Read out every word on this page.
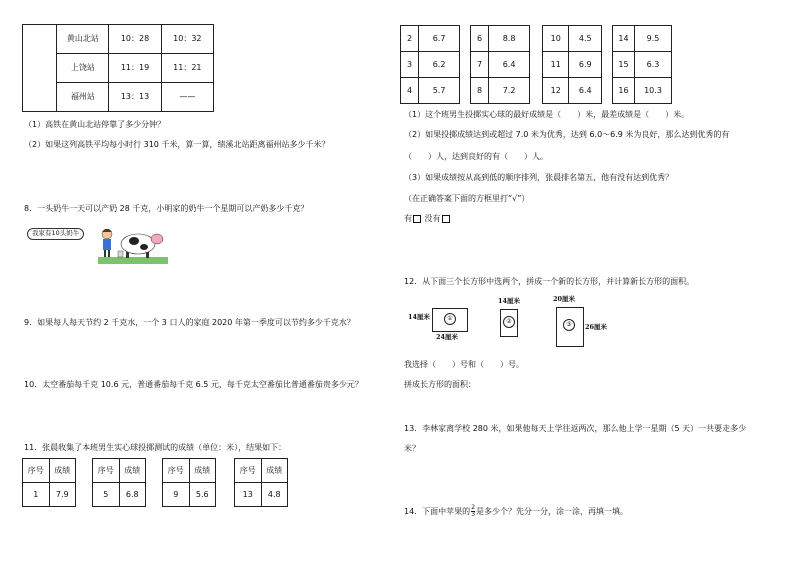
	黄山北站	10：28	10：32
	上饶站	11：19	11：21
	福州站	13：13	——
（1）高铁在黄山北站停靠了多少分钟？
（2）如果这列高铁平均每小时行 310 千米，算一算，绩溪北站距离福州站多少千米？
8．一头奶牛一天可以产奶 28 千克，小明家的奶牛一个星期可以产奶多少千克？
我家有10头奶牛
9．如果每人每天节约 2 千克水，一个 3 口人的家庭 2020 年第一季度可以节约多少千克水？
10．太空番茄每千克 10.6 元，普通番茄每千克 6.5 元，每千克太空番茄比普通番茄贵多少元？
11．张晨收集了本班男生实心球投掷测试的成绩（单位：米），结果如下：
序号	成绩
1	7.9
序号	成绩
5	6.8
序号	成绩
9	5.6
序号	成绩
13	4.8
2	6.7
3	6.2
4	5.7
6	8.8
7	6.4
8	7.2
10	4.5
11	6.9
12	6.4
14	9.5
15	6.3
16	10.3
（1）这个班男生投掷实心球的最好成绩是（　　）米，最差成绩是（　　）米。
（2）如果投掷成绩达到或超过 7.0 米为优秀，达到 6.0～6.9 米为良好，那么达到优秀的有
（　　）人，达到良好的有（　　）人。
（3）如果成绩按从高到低的顺序排列，张晨排名第五，他有没有达到优秀？
（在正确答案下面的方框里打“√”）
有 没有
12．从下面三个长方形中选两个，拼成一个新的长方形，并计算新长方形的面积。
14厘米	①
24厘米
14厘米
②
20厘米
③	26厘米
我选择（　　）号和（　　）号。
拼成长方形的面积：
13．李林家离学校 280 米，如果他每天上学往返两次，那么他上学一星期（5 天）一共要走多少
米？
14．下面中苹果的 $\frac{2}{3}$ 是多少个？先分一分，涂一涂，再填一填。
